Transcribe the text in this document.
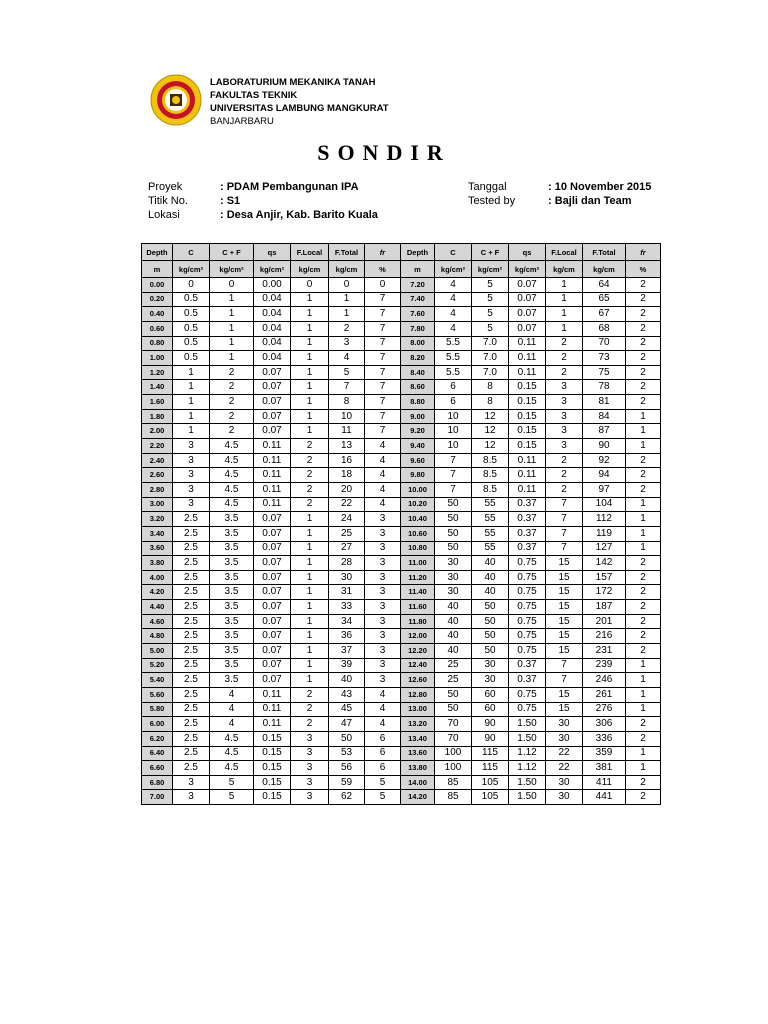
LABORATURIUM MEKANIKA TANAH
FAKULTAS TEKNIK
UNIVERSITAS LAMBUNG MANGKURAT
BANJARBARU
SONDIR
Proyek	: PDAM Pembangunan IPA
Titik No.	: S1
Lokasi	: Desa Anjir, Kab. Barito Kuala
Tanggal	: 10 November 2015
Tested by	: Bajli dan Team
Depth	C	C + F	qs	F.Local	F.Total	fr	Depth	C	C + F	qs	F.Local	F.Total	fr
m	kg/cm²	kg/cm²	kg/cm²	kg/cm	kg/cm	%	m	kg/cm²	kg/cm²	kg/cm²	kg/cm	kg/cm	%
0.00	0	0	0.00	0	0	0	7.20	4	5	0.07	1	64	2
0.20	0.5	1	0.04	1	1	7	7.40	4	5	0.07	1	65	2
0.40	0.5	1	0.04	1	1	7	7.60	4	5	0.07	1	67	2
0.60	0.5	1	0.04	1	2	7	7.80	4	5	0.07	1	68	2
0.80	0.5	1	0.04	1	3	7	8.00	5.5	7.0	0.11	2	70	2
1.00	0.5	1	0.04	1	4	7	8.20	5.5	7.0	0.11	2	73	2
1.20	1	2	0.07	1	5	7	8.40	5.5	7.0	0.11	2	75	2
1.40	1	2	0.07	1	7	7	8.60	6	8	0.15	3	78	2
1.60	1	2	0.07	1	8	7	8.80	6	8	0.15	3	81	2
1.80	1	2	0.07	1	10	7	9.00	10	12	0.15	3	84	1
2.00	1	2	0.07	1	11	7	9.20	10	12	0.15	3	87	1
2.20	3	4.5	0.11	2	13	4	9.40	10	12	0.15	3	90	1
2.40	3	4.5	0.11	2	16	4	9.60	7	8.5	0.11	2	92	2
2.60	3	4.5	0.11	2	18	4	9.80	7	8.5	0.11	2	94	2
2.80	3	4.5	0.11	2	20	4	10.00	7	8.5	0.11	2	97	2
3.00	3	4.5	0.11	2	22	4	10.20	50	55	0.37	7	104	1
3.20	2.5	3.5	0.07	1	24	3	10.40	50	55	0.37	7	112	1
3.40	2.5	3.5	0.07	1	25	3	10.60	50	55	0.37	7	119	1
3.60	2.5	3.5	0.07	1	27	3	10.80	50	55	0.37	7	127	1
3.80	2.5	3.5	0.07	1	28	3	11.00	30	40	0.75	15	142	2
4.00	2.5	3.5	0.07	1	30	3	11.20	30	40	0.75	15	157	2
4.20	2.5	3.5	0.07	1	31	3	11.40	30	40	0.75	15	172	2
4.40	2.5	3.5	0.07	1	33	3	11.60	40	50	0.75	15	187	2
4.60	2.5	3.5	0.07	1	34	3	11.80	40	50	0.75	15	201	2
4.80	2.5	3.5	0.07	1	36	3	12.00	40	50	0.75	15	216	2
5.00	2.5	3.5	0.07	1	37	3	12.20	40	50	0.75	15	231	2
5.20	2.5	3.5	0.07	1	39	3	12.40	25	30	0.37	7	239	1
5.40	2.5	3.5	0.07	1	40	3	12.60	25	30	0.37	7	246	1
5.60	2.5	4	0.11	2	43	4	12.80	50	60	0.75	15	261	1
5.80	2.5	4	0.11	2	45	4	13.00	50	60	0.75	15	276	1
6.00	2.5	4	0.11	2	47	4	13.20	70	90	1.50	30	306	2
6.20	2.5	4.5	0.15	3	50	6	13.40	70	90	1.50	30	336	2
6.40	2.5	4.5	0.15	3	53	6	13.60	100	115	1.12	22	359	1
6.60	2.5	4.5	0.15	3	56	6	13.80	100	115	1.12	22	381	1
6.80	3	5	0.15	3	59	5	14.00	85	105	1.50	30	411	2
7.00	3	5	0.15	3	62	5	14.20	85	105	1.50	30	441	2
